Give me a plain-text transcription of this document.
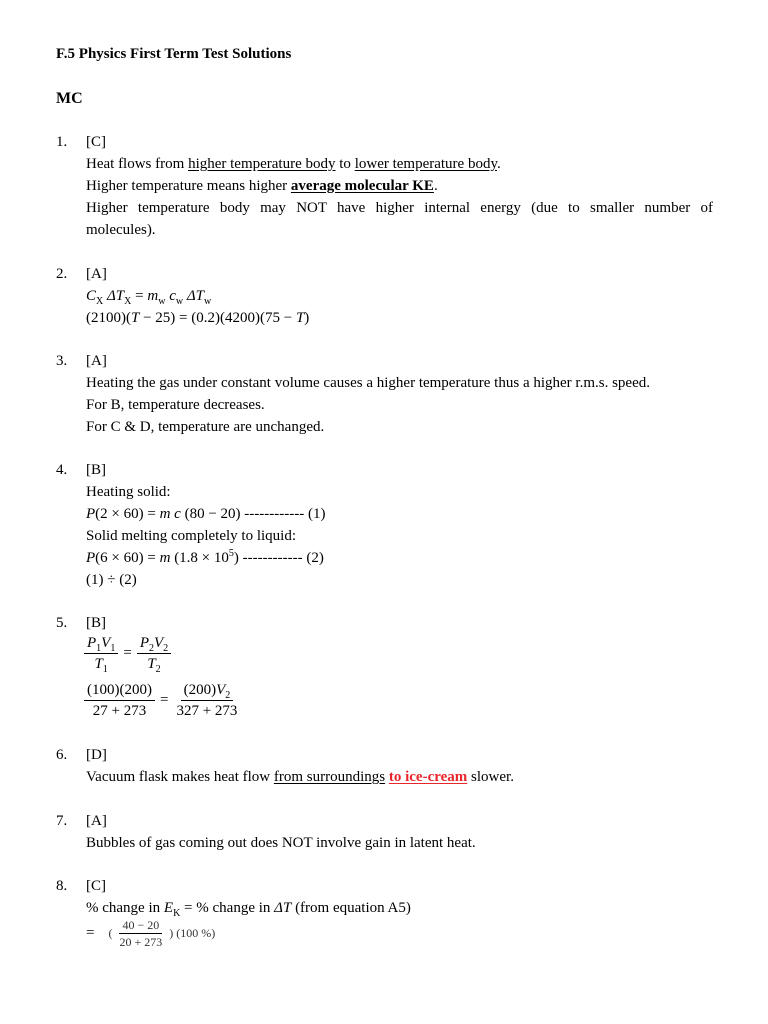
F.5 Physics First Term Test Solutions
MC
1. [C]
Heat flows from higher temperature body to lower temperature body.
Higher temperature means higher average molecular KE.
Higher temperature body may NOT have higher internal energy (due to smaller number of
molecules).
2. [A]
$C_X$ $\Delta T_X = m_w$ $c_w$ $\Delta T_w$
(2100)(T − 25) = (0.2)(4200)(75 − T)
3. [A]
Heating the gas under constant volume causes a higher temperature thus a higher r.m.s. speed.
For B, temperature decreases.
For C & D, temperature are unchanged.
4. [B]
Heating solid:
P(2 × 60) = m c (80 − 20) ------------ (1)
Solid melting completely to liquid:
P(6 × 60) = m $(1.8 \times 10^5)$ ------------ (2)
(1) ÷ (2)
5. [B]
$\frac{P_1V_1}{T_1} = \frac{P_2V_2}{T_2}$
$\frac{(100)(200)}{27 + 273} = \frac{(200)V_2}{327 + 273}$
6. [D]
Vacuum flask makes heat flow from surroundings to ice-cream slower.
7. [A]
Bubbles of gas coming out does NOT involve gain in latent heat.
8. [C]
% change in $E_K$ = % change in ΔT (from equation A5)
= ( $\frac{40 - 20}{20 + 273}$ ) (100 %)
